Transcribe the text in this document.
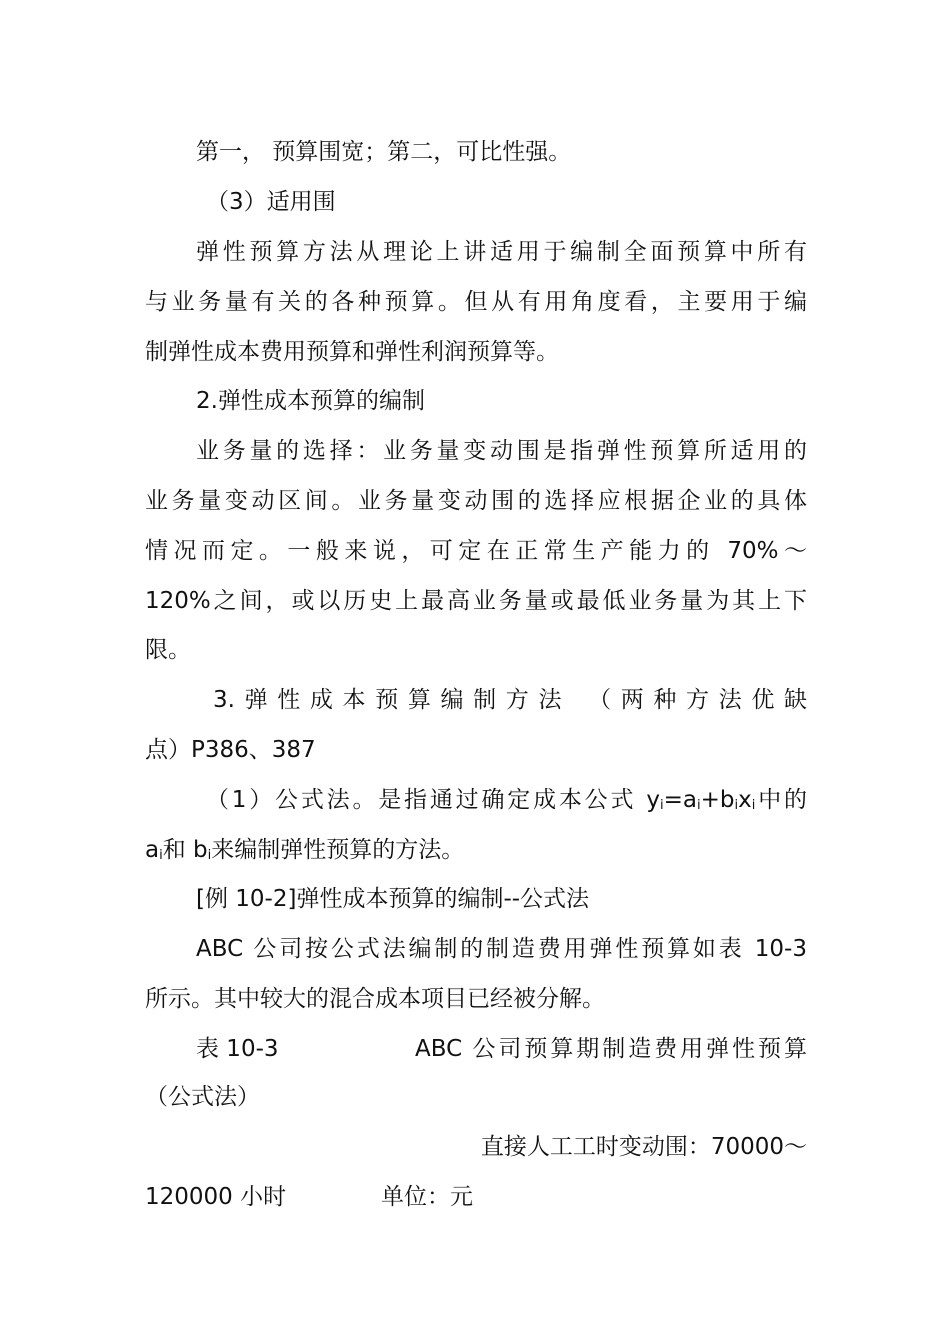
第一， 预算围宽；第二，可比性强。
（3）适用围
弹性预算方法从理论上讲适用于编制全面预算中所有
与业务量有关的各种预算。但从有用角度看，主要用于编
制弹性成本费用预算和弹性利润预算等。
2.弹性成本预算的编制
业务量的选择：业务量变动围是指弹性预算所适用的
业务量变动区间。业务量变动围的选择应根据企业的具体
情况而定。一般来说，可定在正常生产能力的 70%～
120%之间，或以历史上最高业务量或最低业务量为其上下
限。
3.弹性成本预算编制方法 （两种方法优缺
点）P386、387
（1）公式法。是指通过确定成本公式 $y_i=a_i+b_ix_i$中的
$a_i$和 $b_i$来编制弹性预算的方法。
[例 10-2]弹性成本预算的编制--公式法
ABC 公司按公式法编制的制造费用弹性预算如表 10-3
所示。其中较大的混合成本项目已经被分解。
表 10-3	ABC 公司预算期制造费用弹性预算
（公式法）
直接人工工时变动围：70000～
120000 小时	单位：元
